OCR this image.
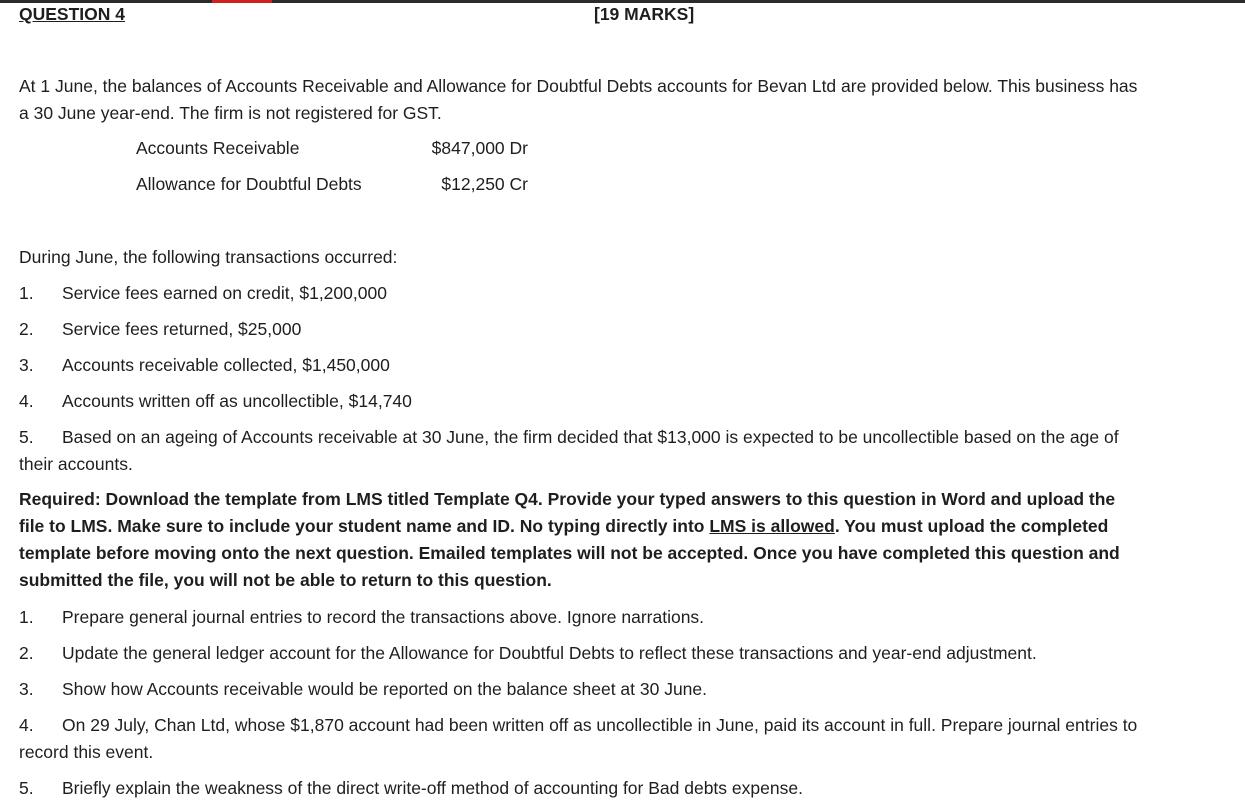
QUESTION 4	[19 MARKS]
At 1 June, the balances of Accounts Receivable and Allowance for Doubtful Debts accounts for Bevan Ltd are provided below. This business has
a 30 June year-end. The firm is not registered for GST.
Accounts Receivable	$847,000 Dr
Allowance for Doubtful Debts	$12,250 Cr
During June, the following transactions occurred:
1. Service fees earned on credit, $1,200,000
2. Service fees returned, $25,000
3. Accounts receivable collected, $1,450,000
4. Accounts written off as uncollectible, $14,740
5. Based on an ageing of Accounts receivable at 30 June, the firm decided that $13,000 is expected to be uncollectible based on the age of
their accounts.
Required: Download the template from LMS titled Template Q4. Provide your typed answers to this question in Word and upload the
file to LMS. Make sure to include your student name and ID. No typing directly into LMS is allowed. You must upload the completed
template before moving onto the next question. Emailed templates will not be accepted. Once you have completed this question and
submitted the file, you will not be able to return to this question.
1. Prepare general journal entries to record the transactions above. Ignore narrations.
2. Update the general ledger account for the Allowance for Doubtful Debts to reflect these transactions and year-end adjustment.
3. Show how Accounts receivable would be reported on the balance sheet at 30 June.
4. On 29 July, Chan Ltd, whose $1,870 account had been written off as uncollectible in June, paid its account in full. Prepare journal entries to
record this event.
5. Briefly explain the weakness of the direct write-off method of accounting for Bad debts expense.
